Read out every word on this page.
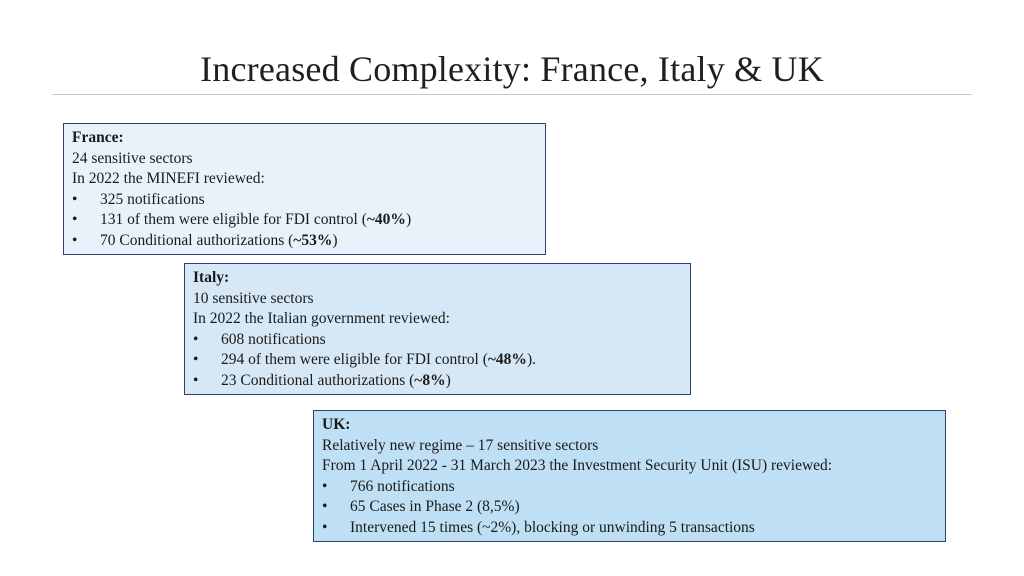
Increased Complexity: France, Italy & UK
France:
24 sensitive sectors
In 2022 the MINEFI reviewed:
•	325 notifications
•	131 of them were eligible for FDI control (~40%)
•	70 Conditional authorizations (~53%)
Italy:
10 sensitive sectors
In 2022 the Italian government reviewed:
•	608 notifications
•	294 of them were eligible for FDI control (~48%).
•	23 Conditional authorizations (~8%)
UK:
Relatively new regime – 17 sensitive sectors
From 1 April 2022 - 31 March 2023 the Investment Security Unit (ISU) reviewed:
•	766 notifications
•	65 Cases in Phase 2 (8,5%)
•	Intervened 15 times (~2%), blocking or unwinding 5 transactions
